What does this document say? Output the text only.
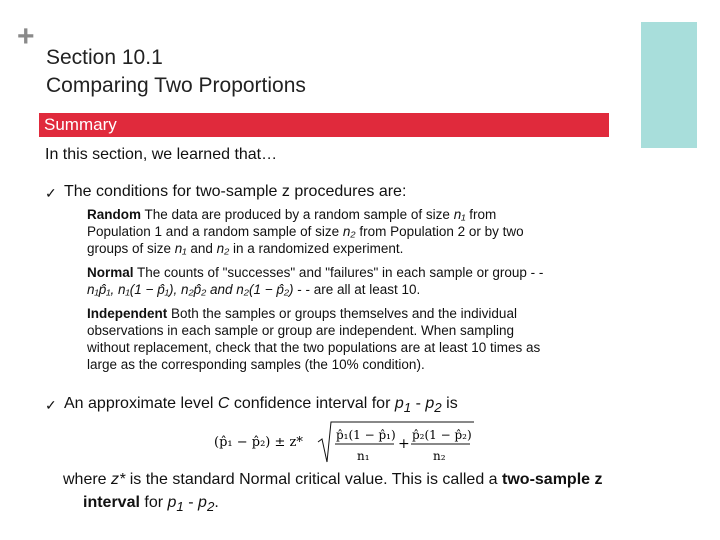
+
Section 10.1
Comparing Two Proportions
Summary
In this section, we learned that…
✓ The conditions for two-sample z procedures are:
Random The data are produced by a random sample of size n₁ from Population 1 and a random sample of size n₂ from Population 2 or by two groups of size n₁ and n₂ in a randomized experiment.
Normal The counts of "successes" and "failures" in each sample or group - - n₁p̂₁, n₁(1 − p̂₁), n₂p̂₂ and n₂(1 − p̂₂) - - are all at least 10.
Independent Both the samples or groups themselves and the individual observations in each sample or group are independent. When sampling without replacement, check that the two populations are at least 10 times as large as the corresponding samples (the 10% condition).
✓ An approximate level C confidence interval for $p_1 - p_2$ is
(p̂₁ − p̂₂) ± z*	p̂₁(1 − p̂₁)
n₁
+
p̂₂(1 − p̂₂)
n₂
where z* is the standard Normal critical value. This is called a two-sample z
interval for $p_1 - p_2$.
